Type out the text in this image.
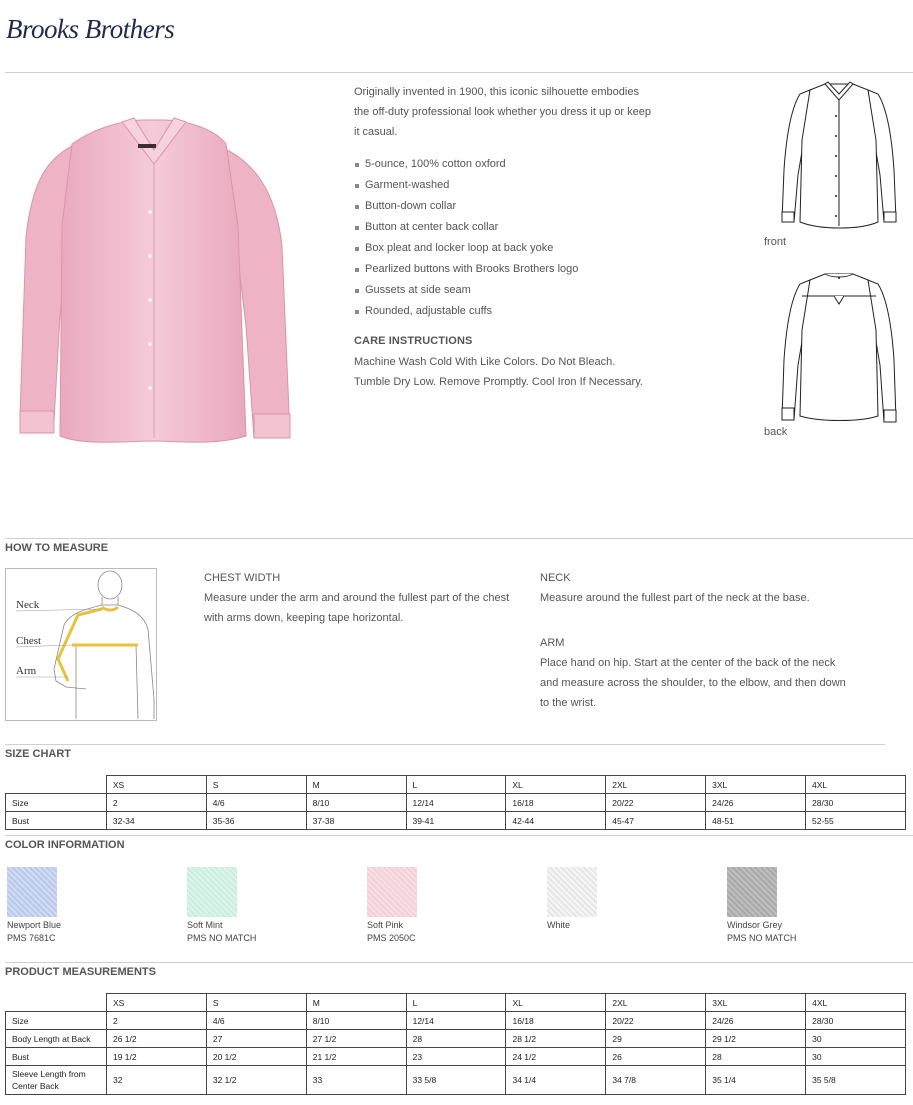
Brooks Brothers
Originally invented in 1900, this iconic silhouette embodies
the off-duty professional look whether you dress it up or keep
it casual.
5-ounce, 100% cotton oxford
Garment-washed
Button-down collar
Button at center back collar
Box pleat and locker loop at back yoke
Pearlized buttons with Brooks Brothers logo
Gussets at side seam
Rounded, adjustable cuffs
CARE INSTRUCTIONS
Machine Wash Cold With Like Colors. Do Not Bleach.
Tumble Dry Low. Remove Promptly. Cool Iron If Necessary.
front
back
HOW TO MEASURE
Neck
Chest
Arm
CHEST WIDTH
Measure under the arm and around the fullest part of the chest
with arms down, keeping tape horizontal.
NECK
Measure around the fullest part of the neck at the base.
ARM
Place hand on hip. Start at the center of the back of the neck
and measure across the shoulder, to the elbow, and then down
to the wrist.
SIZE CHART
	XS	S	M	L	XL	2XL	3XL	4XL
Size	2	4/6	8/10	12/14	16/18	20/22	24/26	28/30
Bust	32-34	35-36	37-38	39-41	42-44	45-47	48-51	52-55
COLOR INFORMATION
Newport Blue
PMS 7681C
Soft Mint
PMS NO MATCH
Soft Pink
PMS 2050C
White	Windsor Grey
PMS NO MATCH
PRODUCT MEASUREMENTS
	XS	S	M	L	XL	2XL	3XL	4XL
Size	2	4/6	8/10	12/14	16/18	20/22	24/26	28/30
Body Length at Back	26 1/2	27	27 1/2	28	28 1/2	29	29 1/2	30
Bust	19 1/2	20 1/2	21 1/2	23	24 1/2	26	28	30

Sleeve Length from
Center Back	32	32 1/2	33	33 5/8	34 1/4	34 7/8	35 1/4	35 5/8
